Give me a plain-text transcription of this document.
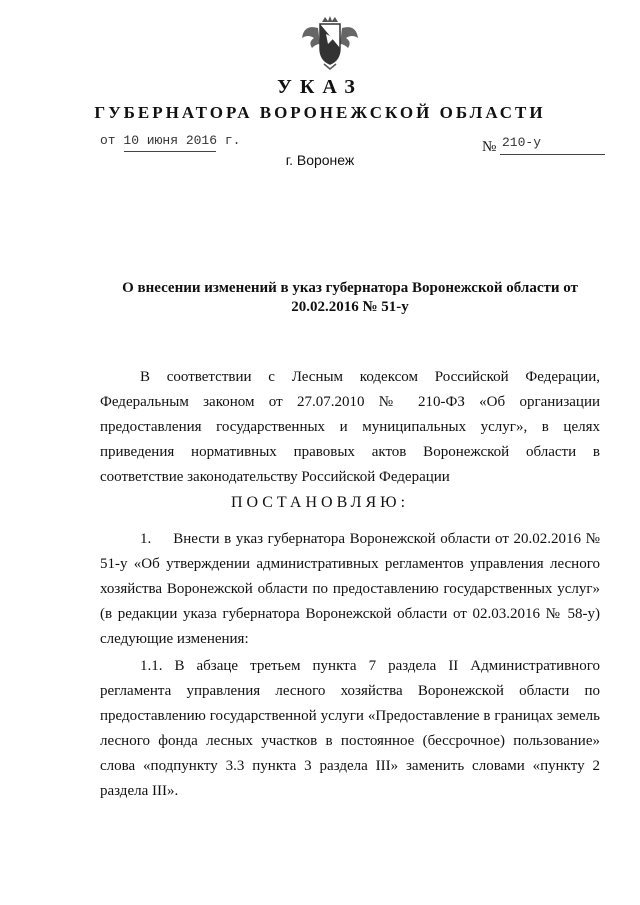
УКАЗ
ГУБЕРНАТОРА ВОРОНЕЖСКОЙ ОБЛАСТИ
от 10 июня 2016 г.	№ 210-у
г. Воронеж
О внесении изменений в указ губернатора Воронежской области от 20.02.2016 № 51-у

В соответствии с Лесным кодексом Российской Федерации, Федеральным законом от 27.07.2010 № 210-ФЗ «Об организации предоставления государственных и муниципальных услуг», в целях приведения нормативных правовых актов Воронежской области в соответствие законодательству Российской Федерации

ПОСТАНОВЛЯЮ:

1. Внести в указ губернатора Воронежской области от 20.02.2016 № 51-у «Об утверждении административных регламентов управления лесного хозяйства Воронежской области по предоставлению государственных услуг» (в редакции указа губернатора Воронежской области от 02.03.2016 № 58-у) следующие изменения:

1.1. В абзаце третьем пункта 7 раздела II Административного регламента управления лесного хозяйства Воронежской области по предоставлению государственной услуги «Предоставление в границах земель лесного фонда лесных участков в постоянное (бессрочное) пользование» слова «подпункту 3.3 пункта 3 раздела III» заменить словами «пункту 2 раздела III».
